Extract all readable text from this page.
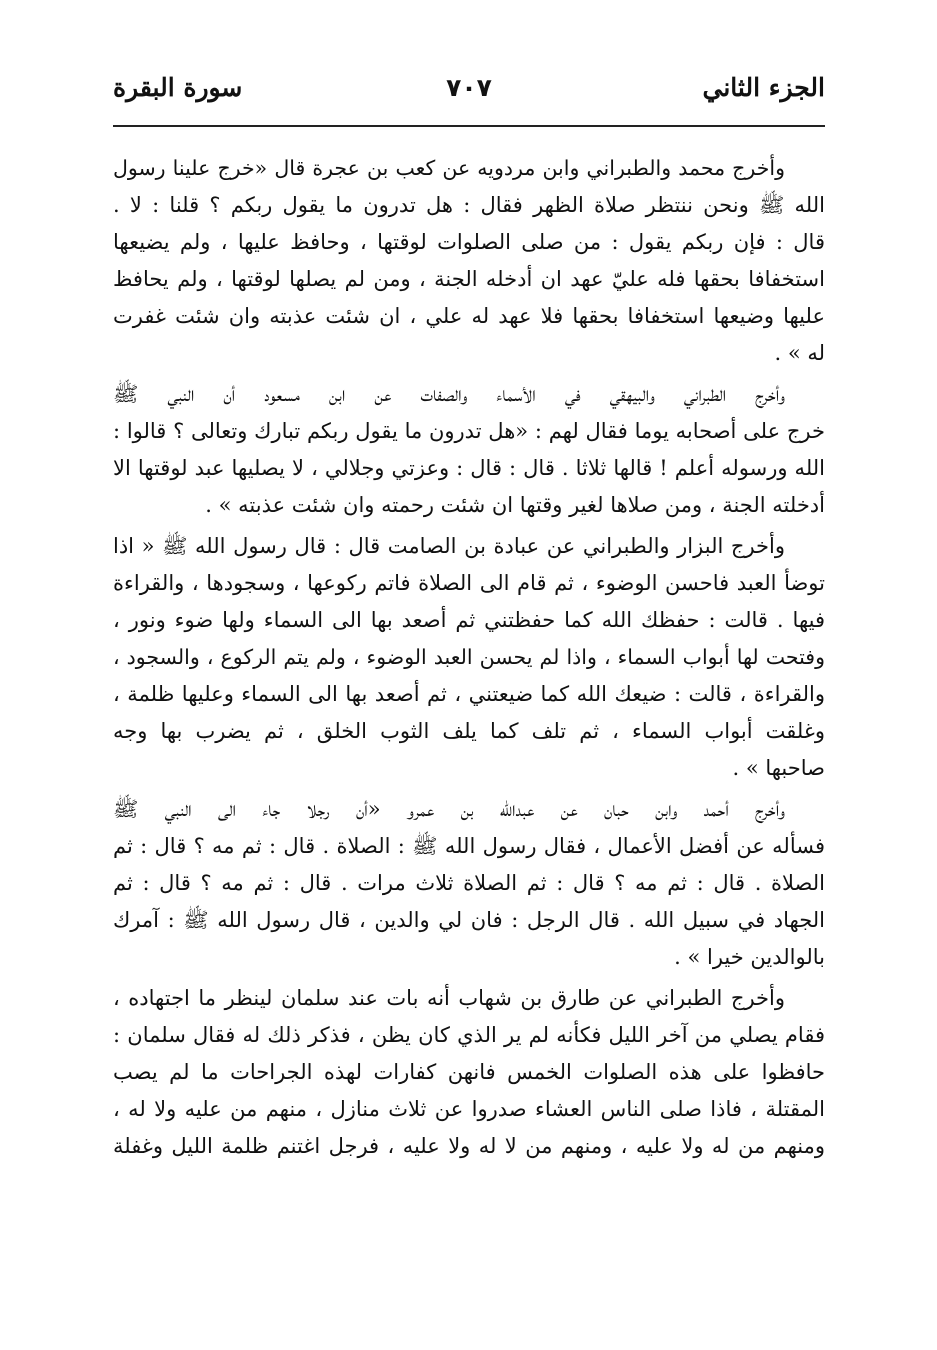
الجزء الثاني
٧٠٧
سورة البقرة
وأخرج محمد والطبراني وابن مردويه عن كعب بن عجرة قال «خرج علينا رسول
الله ﷺ ونحن ننتظر صلاة الظهر فقال : هل تدرون ما يقول ربكم ؟ قلنا : لا .
قال : فإن ربكم يقول : من صلى الصلوات لوقتها ، وحافظ عليها ، ولم يضيعها
استخفافا بحقها فله عليّ عهد ان أدخله الجنة ، ومن لم يصلها لوقتها ، ولم يحافظ
عليها وضيعها استخفافا بحقها فلا عهد له علي ، ان شئت عذبته وان شئت غفرت
له » .
وأخرج الطبراني والبيهقي في الأسماء والصفات عن ابن مسعود أن النبي ﷺ
خرج على أصحابه يوما فقال لهم : «هل تدرون ما يقول ربكم تبارك وتعالى ؟ قالوا :
الله ورسوله أعلم ! قالها ثلاثا . قال : قال : وعزتي وجلالي ، لا يصليها عبد لوقتها الا
أدخلته الجنة ، ومن صلاها لغير وقتها ان شئت رحمته وان شئت عذبته » .
وأخرج البزار والطبراني عن عبادة بن الصامت قال : قال رسول الله ﷺ « اذا
توضأ العبد فاحسن الوضوء ، ثم قام الى الصلاة فاتم ركوعها ، وسجودها ، والقراءة
فيها . قالت : حفظك الله كما حفظتني ثم أصعد بها الى السماء ولها ضوء ونور ،
وفتحت لها أبواب السماء ، واذا لم يحسن العبد الوضوء ، ولم يتم الركوع ، والسجود ،
والقراءة ، قالت : ضيعك الله كما ضيعتني ، ثم أصعد بها الى السماء وعليها ظلمة ،
وغلقت أبواب السماء ، ثم تلف كما يلف الثوب الخلق ، ثم يضرب بها وجه
صاحبها » .
وأخرج أحمد وابن حبان عن عبدالله بن عمرو «أن رجلا جاء الى النبي ﷺ
فسأله عن أفضل الأعمال ، فقال رسول الله ﷺ : الصلاة . قال : ثم مه ؟ قال : ثم
الصلاة . قال : ثم مه ؟ قال : ثم الصلاة ثلاث مرات . قال : ثم مه ؟ قال : ثم
الجهاد في سبيل الله . قال الرجل : فان لي والدين ، قال رسول الله ﷺ : آمرك
بالوالدين خيرا » .
وأخرج الطبراني عن طارق بن شهاب أنه بات عند سلمان لينظر ما اجتهاده ،
فقام يصلي من آخر الليل فكأنه لم ير الذي كان يظن ، فذكر ذلك له فقال سلمان :
حافظوا على هذه الصلوات الخمس فانهن كفارات لهذه الجراحات ما لم يصب
المقتلة ، فاذا صلى الناس العشاء صدروا عن ثلاث منازل ، منهم من عليه ولا له ،
ومنهم من له ولا عليه ، ومنهم من لا له ولا عليه ، فرجل اغتنم ظلمة الليل وغفلة
